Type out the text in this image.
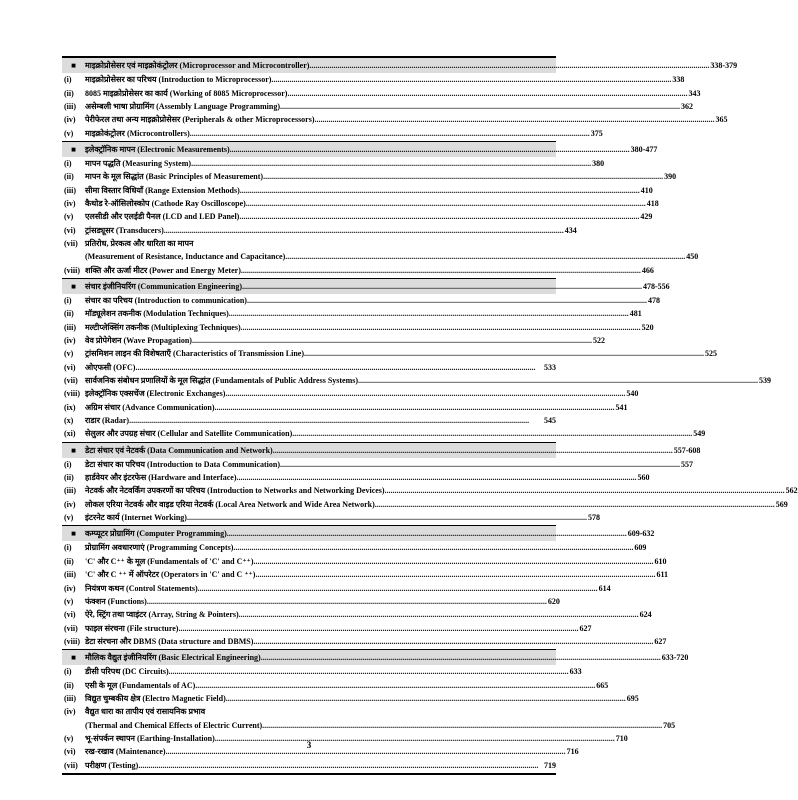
■	माइक्रोप्रोसेसर एवं माइक्रोकंट्रोलर (Microprocessor and Microcontroller) .....	338-379
(i)	माइक्रोप्रोसेसर का परिचय (Introduction to Microprocessor) .....	338
(ii)	8085 माइक्रोप्रोसेसर का कार्य (Working of 8085 Microprocessor) .....	343
(iii)	असेम्बली भाषा प्रोग्रामिंग (Assembly Language Programming) .....	362
(iv)	पेरीफेरल तथा अन्य माइक्रोप्रोसेसर (Peripherals & other Microprocessors) .....	365
(v)	माइक्रोकंट्रोलर (Microcontrollers) .....	375
■	इलेक्ट्रॉनिक मापन (Electronic Measurements) .....	380-477
(i)	मापन पद्धति (Measuring System) .....	380
(ii)	मापन के मूल सिद्धांत (Basic Principles of Measurement) .....	390
(iii)	सीमा विस्तार विधियाँ (Range Extension Methods) .....	410
(iv)	कैथोड रे-ऑसिलोस्कोप (Cathode Ray Oscilloscope) .....	418
(v)	एलसीडी और एलईडी पैनल (LCD and LED Panel) .....	429
(vi)	ट्रांसड्यूसर (Transducers) .....	434
(vii) प्रतिरोध, प्रेरकत्व और धारिता का मापन
(Measurement of Resistance, Inductance and Capacitance) .....	450
(viii) शक्ति और ऊर्जा मीटर (Power and Energy Meter) .....	466
■	संचार इंजीनियरिंग (Communication Engineering) .....	478-556
(i)	संचार का परिचय (Introduction to communication) .....	478
(ii)	मॉड्यूलेशन तकनीक (Modulation Techniques) .....	481
(iii)	मल्टीप्लेक्सिंग तकनीक (Multiplexing Techniques) .....	520
(iv)	वेव प्रोपेगेशन (Wave Propagation) .....	522
(v)	ट्रांसमिशन लाइन की विशेषताएँ (Characteristics of Transmission Line) .....	525
(vi)	ओएफसी (OFC) .....	533
(vii) सार्वजनिक संबोधन प्रणालियों के मूल सिद्धांत (Fundamentals of Public Address Systems) .....	539
(viii) इलेक्ट्रॉनिक एक्सचेंज (Electronic Exchanges) .....	540
(ix)	अग्रिम संचार (Advance Communication) .....	541
(x)	राडार (Radar) .....	545
(xi)	सेलुलर और उपग्रह संचार (Cellular and Satellite Communication) .....	549
■	डेटा संचार एवं नेटवर्क (Data Communication and Network) .....	557-608
(i)	डेटा संचार का परिचय (Introduction to Data Communication) .....	557
(ii)	हार्डवेयर और इंटरफेस (Hardware and Interface) .....	560
(iii)	नेटवर्क और नेटवर्किंग उपकरणों का परिचय (Introduction to Networks and Networking Devices) .....	562
(iv)	लोकल एरिया नेटवर्क और वाइड एरिया नेटवर्क (Local Area Network and Wide Area Network) .....	569
(v)	इंटरनेट कार्य (Internet Working) .....	578
■	कम्प्यूटर प्रोग्रामिंग (Computer Programming) .....	609-632
(i)	प्रोग्रामिंग अवधारणाएं (Programming Concepts) .....	609
(ii)	'C' और C⁺⁺ के मूल (Fundamentals of 'C' and C⁺⁺) .....	610
(iii)	'C' और C ⁺⁺ में ऑपरेटर (Operators in 'C' and C ⁺⁺) .....	611
(iv)	नियंत्रण कथन (Control Statements) .....	614
(v)	फंक्शन (Functions) .....	620
(vi)	ऐरे, स्ट्रिंग तथा प्वाइंटर (Array, String & Pointers) .....	624
(vii) फाइल संरचना (File structure) .....	627
(viii) डेटा संरचना और DBMS (Data structure and DBMS) .....	627
■	मौलिक वैद्युत इंजीनियरिंग (Basic Electrical Engineering) .....	633-720
(i)	डीसी परिपथ (DC Circuits) .....	633
(ii)	एसी के मूल (Fundamentals of AC) .....	665
(iii)	विद्युत चुम्बकीय क्षेत्र (Electro Magnetic Field) .....	695
(iv)	वैद्युत धारा का तापीय एवं रासायनिक प्रभाव
(Thermal and Chemical Effects of Electric Current) .....	705
(v)	भू-संपर्कन स्थापन (Earthing-Installation) .....	710
(vi)	रख-रखाव (Maintenance) .....	716
(vii) परीक्षण (Testing) .....	719
3
